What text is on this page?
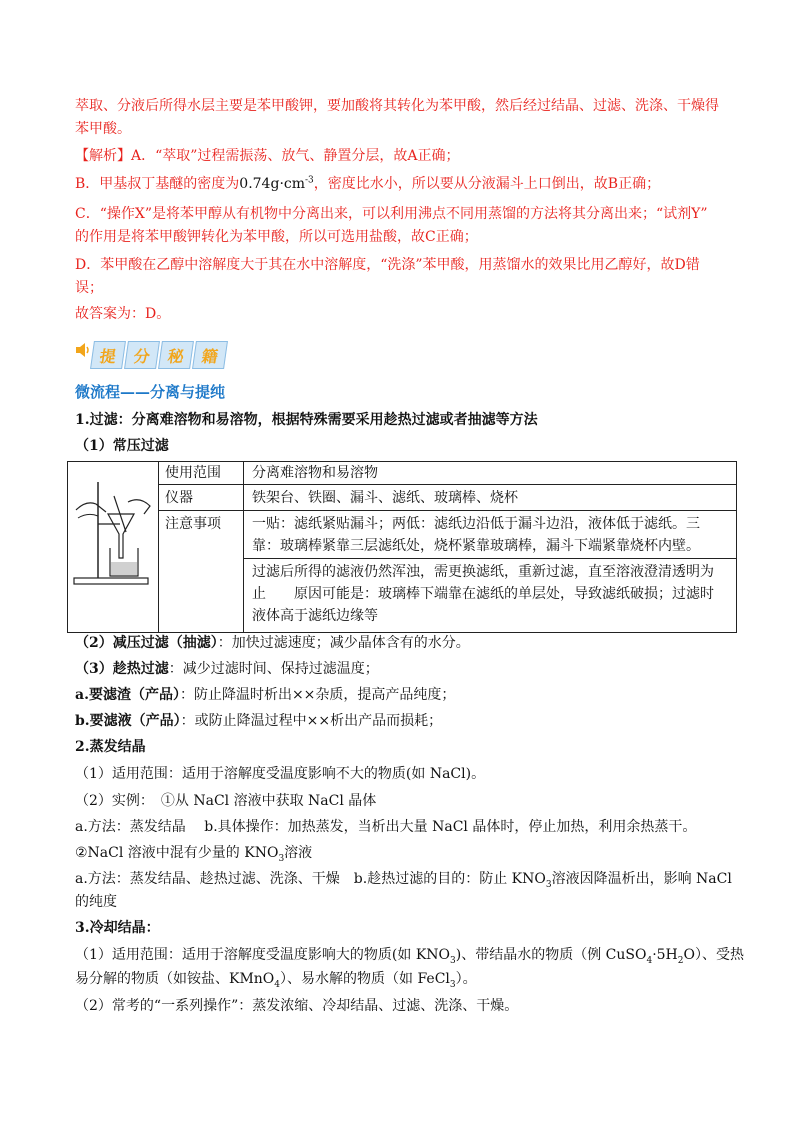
萃取、分液后所得水层主要是苯甲酸钾，要加酸将其转化为苯甲酸，然后经过结晶、过滤、洗涤、干燥得
苯甲酸。
【解析】A．“萃取”过程需振荡、放气、静置分层，故A正确；
B．甲基叔丁基醚的密度为$0.74g\cdot cm^{-3}$，密度比水小，所以要从分液漏斗上口倒出，故B正确；
C．“操作X”是将苯甲醇从有机物中分离出来，可以利用沸点不同用蒸馏的方法将其分离出来；“试剂Y”
的作用是将苯甲酸钾转化为苯甲酸，所以可选用盐酸，故C正确；
D．苯甲酸在乙醇中溶解度大于其在水中溶解度，“洗涤”苯甲酸，用蒸馏水的效果比用乙醇好，故D错
误；
故答案为：D。
提 分 秘 籍
微流程——分离与提纯
1.过滤：分离难溶物和易溶物，根据特殊需要采用趁热过滤或者抽滤等方法
（1）常压过滤
使用范围	分离难溶物和易溶物
仪器	铁架台、铁圈、漏斗、滤纸、玻璃棒、烧杯
注意事项	一贴：滤纸紧贴漏斗；两低：滤纸边沿低于漏斗边沿，液体低于滤纸。三
靠：玻璃棒紧靠三层滤纸处，烧杯紧靠玻璃棒，漏斗下端紧靠烧杯内壁。
过滤后所得的滤液仍然浑浊，需更换滤纸，重新过滤，直至溶液澄清透明为
止　　原因可能是：玻璃棒下端靠在滤纸的单层处，导致滤纸破损；过滤时
液体高于滤纸边缘等
（2）减压过滤（抽滤）：加快过滤速度；减少晶体含有的水分。
（3）趁热过滤：减少过滤时间、保持过滤温度；
a.要滤渣（产品）：防止降温时析出××杂质，提高产品纯度；
b.要滤液（产品）：或防止降温过程中××析出产品而损耗；
2.蒸发结晶
（1）适用范围：适用于溶解度受温度影响不大的物质(如 NaCl)。
（2）实例：　①从 NaCl 溶液中获取 NaCl 晶体
a.方法：蒸发结晶　 b.具体操作：加热蒸发，当析出大量 NaCl 晶体时，停止加热，利用余热蒸干。
②NaCl 溶液中混有少量的 $KNO_3$溶液
a.方法：蒸发结晶、趁热过滤、洗涤、干燥　b.趁热过滤的目的：防止 $KNO_3$溶液因降温析出，影响 NaCl
的纯度
3.冷却结晶：
（1）适用范围：适用于溶解度受温度影响大的物质(如 $KNO_3$)、带结晶水的物质（例 $CuSO_4\cdot 5H_2O$）、受热
易分解的物质（如铵盐、KMnO$_4$）、易水解的物质（如 FeCl$_3$）。
（2）常考的“一系列操作”：蒸发浓缩、冷却结晶、过滤、洗涤、干燥。
